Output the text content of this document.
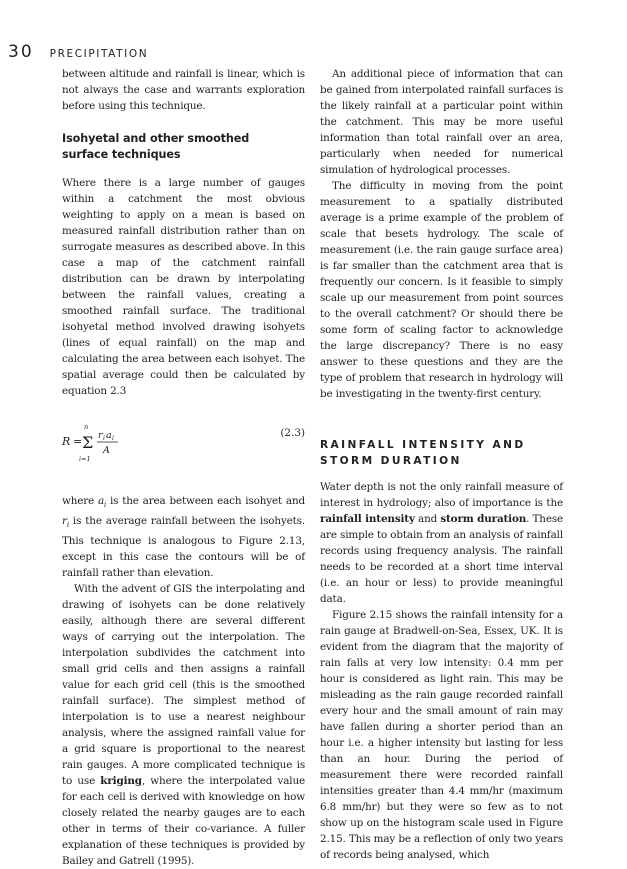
30 PRECIPITATION

between altitude and rainfall is linear, which is not always the case and warrants exploration before using this technique.

Isohyetal and other smoothed surface techniques

Where there is a large number of gauges within a catchment the most obvious weighting to apply on a mean is based on measured rainfall distribution rather than on surrogate measures as described above. In this case a map of the catchment rainfall distribution can be drawn by interpolating between the rainfall values, creating a smoothed rainfall surface. The traditional isohyetal method involved drawing isohyets (lines of equal rainfall) on the map and calculating the area between each isohyet. The spatial average could then be calculated by equation 2.3

R =
n
Σ
i=1
r i a i
A
(2.3)

where $a_i$ is the area between each isohyet and $r_i$ is the average rainfall between the isohyets. This technique is analogous to Figure 2.13, except in this case the contours will be of rainfall rather than elevation.

With the advent of GIS the interpolating and drawing of isohyets can be done relatively easily, although there are several different ways of carrying out the interpolation. The interpolation subdivides the catchment into small grid cells and then assigns a rainfall value for each grid cell (this is the smoothed rainfall surface). The simplest method of interpolation is to use a nearest neighbour analysis, where the assigned rainfall value for a grid square is proportional to the nearest rain gauges. A more complicated technique is to use kriging, where the interpolated value for each cell is derived with knowledge on how closely related the nearby gauges are to each other in terms of their co-variance. A fuller explanation of these techniques is provided by Bailey and Gatrell (1995).

An additional piece of information that can be gained from interpolated rainfall surfaces is the likely rainfall at a particular point within the catchment. This may be more useful information than total rainfall over an area, particularly when needed for numerical simulation of hydrological processes.

The difficulty in moving from the point measurement to a spatially distributed average is a prime example of the problem of scale that besets hydrology. The scale of measurement (i.e. the rain gauge surface area) is far smaller than the catchment area that is frequently our concern. Is it feasible to simply scale up our measurement from point sources to the overall catchment? Or should there be some form of scaling factor to acknowledge the large discrepancy? There is no easy answer to these questions and they are the type of problem that research in hydrology will be investigating in the twenty-first century.

RAINFALL INTENSITY AND STORM DURATION

Water depth is not the only rainfall measure of interest in hydrology; also of importance is the rainfall intensity and storm duration. These are simple to obtain from an analysis of rainfall records using frequency analysis. The rainfall needs to be recorded at a short time interval (i.e. an hour or less) to provide meaningful data.

Figure 2.15 shows the rainfall intensity for a rain gauge at Bradwell-on-Sea, Essex, UK. It is evident from the diagram that the majority of rain falls at very low intensity: 0.4 mm per hour is considered as light rain. This may be misleading as the rain gauge recorded rainfall every hour and the small amount of rain may have fallen during a shorter period than an hour i.e. a higher intensity but lasting for less than an hour. During the period of measurement there were recorded rainfall intensities greater than 4.4 mm/hr (maximum 6.8 mm/hr) but they were so few as to not show up on the histogram scale used in Figure 2.15. This may be a reflection of only two years of records being analysed, which
